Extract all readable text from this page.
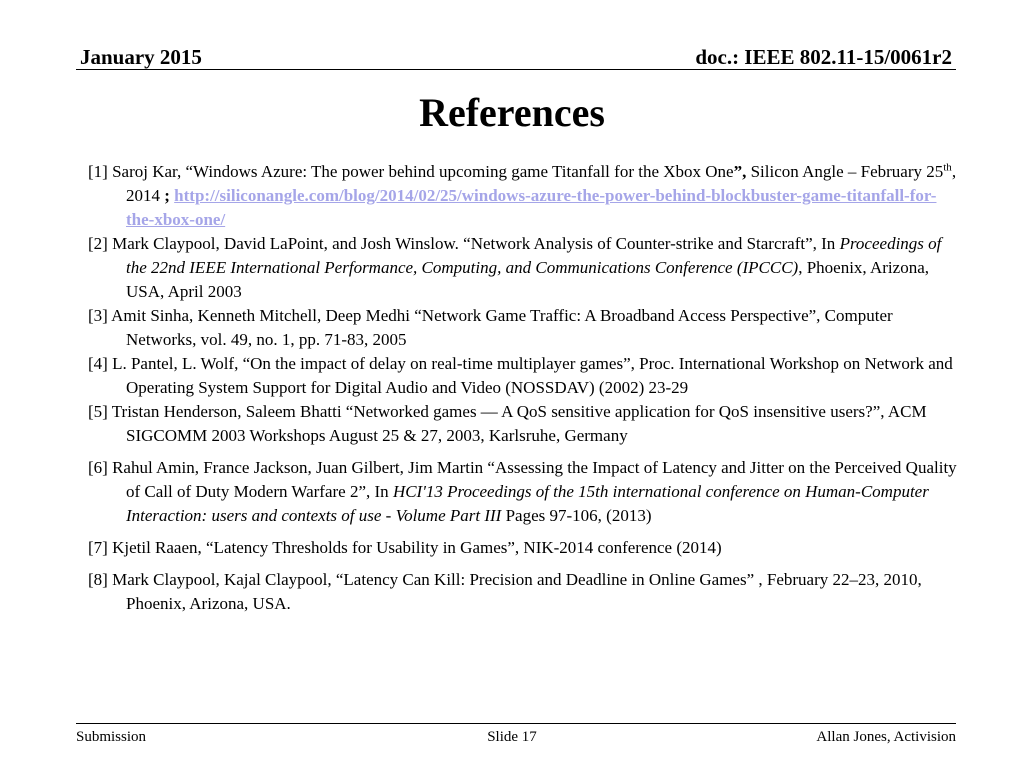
January 2015	doc.: IEEE 802.11-15/0061r2
References
[1] Saroj Kar, “Windows Azure: The power behind upcoming game Titanfall for the Xbox One”, Silicon Angle – February 25th, 2014 ; http://siliconangle.com/blog/2014/02/25/windows-azure-the-power-behind-blockbuster-game-titanfall-for-the-xbox-one/
[2] Mark Claypool, David LaPoint, and Josh Winslow. “Network Analysis of Counter-strike and Starcraft”, In Proceedings of the 22nd IEEE International Performance, Computing, and Communications Conference (IPCCC), Phoenix, Arizona, USA, April 2003
[3] Amit Sinha, Kenneth Mitchell, Deep Medhi “Network Game Traffic: A Broadband Access Perspective”, Computer Networks, vol. 49, no. 1, pp. 71-83, 2005
[4] L. Pantel, L. Wolf, “On the impact of delay on real-time multiplayer games”, Proc. International Workshop on Network and Operating System Support for Digital Audio and Video (NOSSDAV) (2002) 23-29
[5] Tristan Henderson, Saleem Bhatti “Networked games — A QoS sensitive application for QoS insensitive users?”, ACM SIGCOMM 2003 Workshops August 25 & 27, 2003, Karlsruhe, Germany
[6] Rahul Amin, France Jackson, Juan Gilbert, Jim Martin “Assessing the Impact of Latency and Jitter on the Perceived Quality of Call of Duty Modern Warfare 2”, In HCI'13 Proceedings of the 15th international conference on Human-Computer Interaction: users and contexts of use - Volume Part III Pages 97-106, (2013)
[7] Kjetil Raaen, “Latency Thresholds for Usability in Games”, NIK-2014 conference (2014)
[8] Mark Claypool, Kajal Claypool, “Latency Can Kill: Precision and Deadline in Online Games” , February 22–23, 2010, Phoenix, Arizona, USA.
Submission	Slide 17	Allan Jones, Activision
